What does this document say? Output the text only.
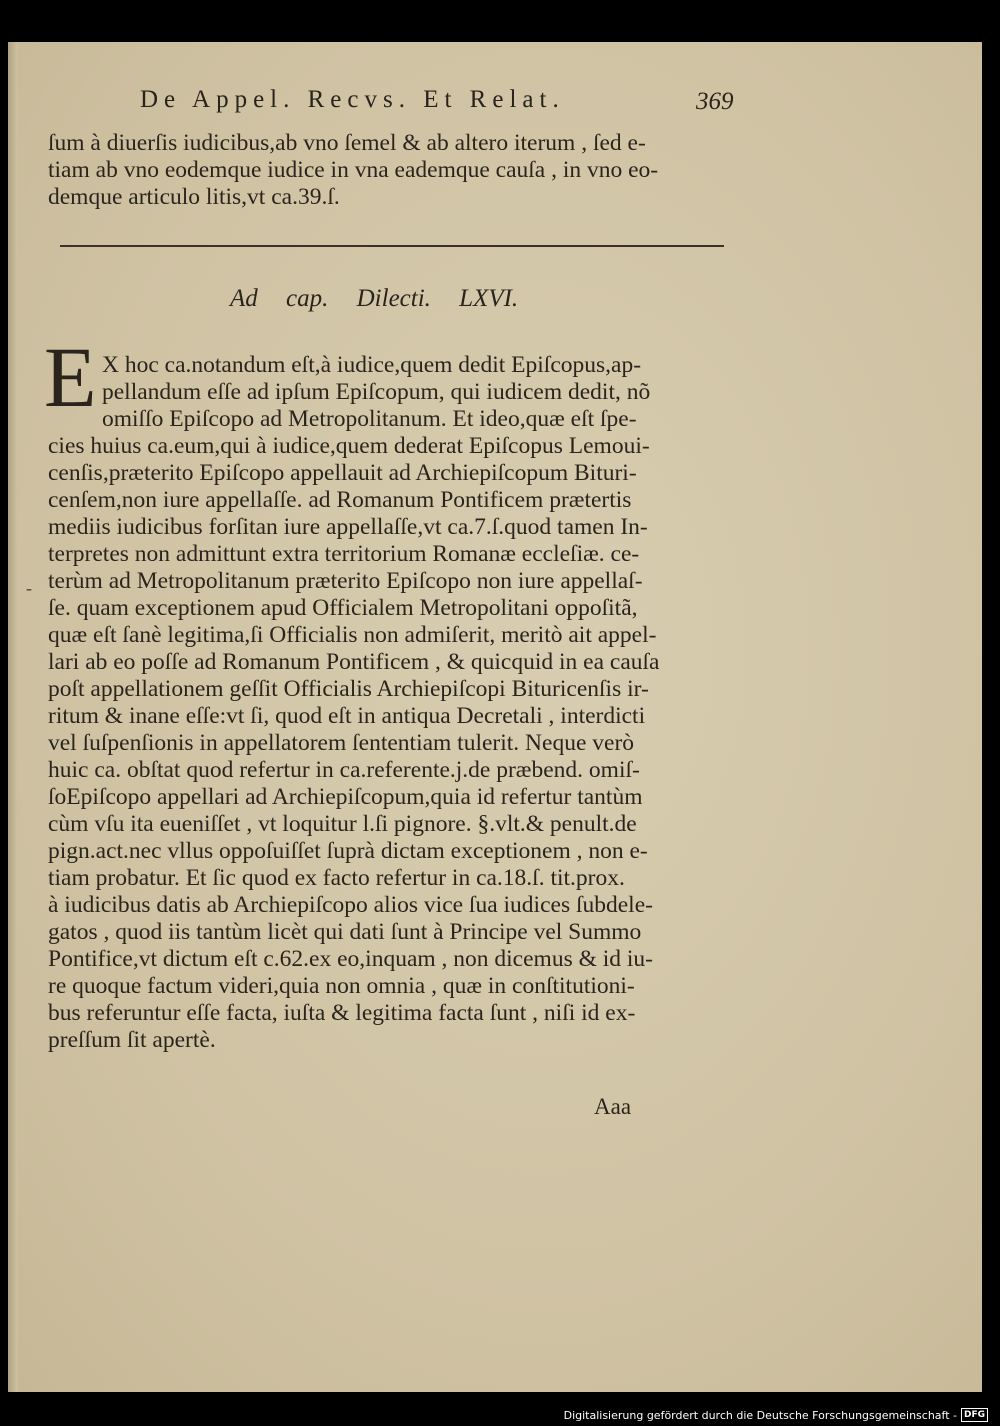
De Appel. Recvs. Et Relat.	369
ſum à diuerſis iudicibus,ab vno ſemel & ab altero iterum , ſed e-
tiam ab vno eodemque iudice in vna eademque cauſa , in vno eo-
demque articulo litis,vt ca.39.ſ.
Ad cap. Dilecti. LXVI.
E
-
X hoc ca.notandum eſt,à iudice,quem dedit Epiſcopus,ap-
pellandum eſſe ad ipſum Epiſcopum, qui iudicem dedit, nõ
omiſſo Epiſcopo ad Metropolitanum. Et ideo,quæ eſt ſpe-
cies huius ca.eum,qui à iudice,quem dederat Epiſcopus Lemoui-
cenſis,præterito Epiſcopo appellauit ad Archiepiſcopum Bituri-
cenſem,non iure appellaſſe. ad Romanum Pontificem prætertis
mediis iudicibus forſitan iure appellaſſe,vt ca.7.ſ.quod tamen In-
terpretes non admittunt extra territorium Romanæ eccleſiæ. ce-
terùm ad Metropolitanum præterito Epiſcopo non iure appellaſ-
ſe. quam exceptionem apud Officialem Metropolitani oppoſitã,
quæ eſt ſanè legitima,ſi Officialis non admiſerit, meritò ait appel-
lari ab eo poſſe ad Romanum Pontificem , & quicquid in ea cauſa
poſt appellationem geſſit Officialis Archiepiſcopi Bituricenſis ir-
ritum & inane eſſe:vt ſi, quod eſt in antiqua Decretali , interdicti
vel ſuſpenſionis in appellatorem ſententiam tulerit. Neque verò
huic ca. obſtat quod refertur in ca.referente.j.de præbend. omiſ-
ſoEpiſcopo appellari ad Archiepiſcopum,quia id refertur tantùm
cùm vſu ita eueniſſet , vt loquitur l.ſi pignore. §.vlt.& penult.de
pign.act.nec vllus oppoſuiſſet ſuprà dictam exceptionem , non e-
tiam probatur. Et ſic quod ex facto refertur in ca.18.ſ. tit.prox.
à iudicibus datis ab Archiepiſcopo alios vice ſua iudices ſubdele-
gatos , quod iis tantùm licèt qui dati ſunt à Principe vel Summo
Pontifice,vt dictum eſt c.62.ex eo,inquam , non dicemus & id iu-
re quoque factum videri,quia non omnia , quæ in conſtitutioni-
bus referuntur eſſe facta, iuſta & legitima facta ſunt , niſi id ex-
preſſum ſit apertè.
Aaa
Digitalisierung gefördert durch die Deutsche Forschungsgemeinschaft - DFG
